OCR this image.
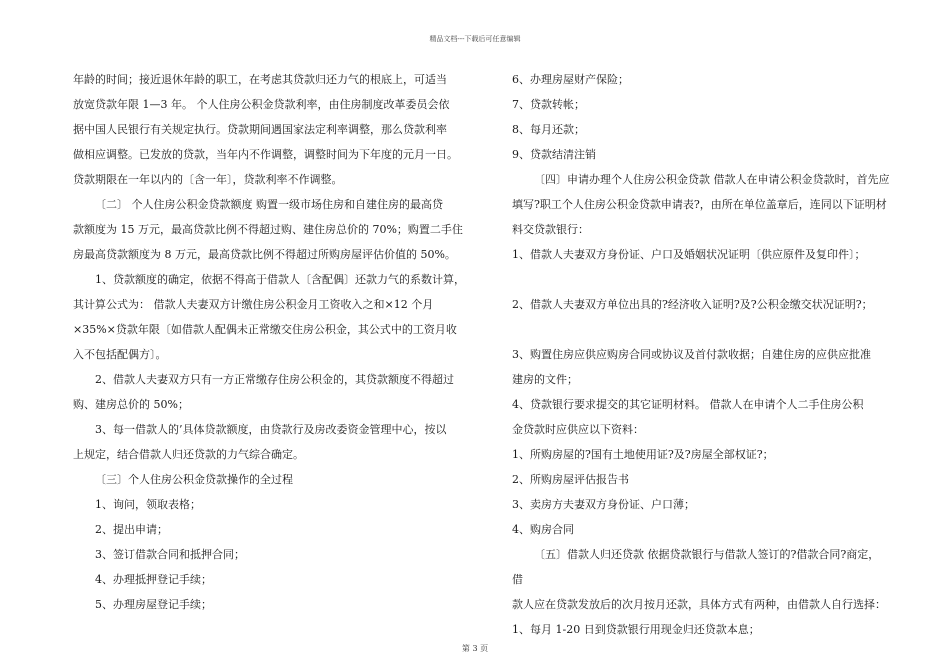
精品文档---下载后可任意编辑

年龄的时间；接近退休年龄的职工，在考虑其贷款归还力气的根底上，可适当

放宽贷款年限 1—3 年。 个人住房公积金贷款利率，由住房制度改革委员会依

据中国人民银行有关规定执行。贷款期间遇国家法定利率调整，那么贷款利率

做相应调整。已发放的贷款，当年内不作调整，调整时间为下年度的元月一日。

贷款期限在一年以内的〔含一年〕，贷款利率不作调整。

〔二〕 个人住房公积金贷款额度 购置一级市场住房和自建住房的最高贷

款额度为 15 万元，最高贷款比例不得超过购、建住房总价的 70%；购置二手住

房最高贷款额度为 8 万元，最高贷款比例不得超过所购房屋评估价值的 50%。

1、贷款额度的确定，依据不得高于借款人〔含配偶〕还款力气的系数计算，

其计算公式为： 借款人夫妻双方计缴住房公积金月工资收入之和×12 个月

×35%×贷款年限〔如借款人配偶未正常缴交住房公积金，其公式中的工资月收

入不包括配偶方〕。

2、借款人夫妻双方只有一方正常缴存住房公积金的，其贷款额度不得超过

购、建房总价的 50%；

3、每一借款人的’具体贷款额度，由贷款行及房改委资金管理中心，按以

上规定，结合借款人归还贷款的力气综合确定。

〔三〕个人住房公积金贷款操作的全过程

1、询问，领取表格；

2、提出申请；

3、签订借款合同和抵押合同；

4、办理抵押登记手续；

5、办理房屋登记手续；

6、办理房屋财产保险；

7、贷款转帐；

8、每月还款；

9、贷款结清注销

〔四〕申请办理个人住房公积金贷款 借款人在申请公积金贷款时，首先应

填写?职工个人住房公积金贷款申请表?，由所在单位盖章后，连同以下证明材

料交贷款银行：

1、借款人夫妻双方身份证、户口及婚姻状况证明〔供应原件及复印件〕；

2、借款人夫妻双方单位出具的?经济收入证明?及?公积金缴交状况证明?；

3、购置住房应供应购房合同或协议及首付款收据；自建住房的应供应批准

建房的文件；

4、贷款银行要求提交的其它证明材料。 借款人在申请个人二手住房公积

金贷款时应供应以下资料：

1、所购房屋的?国有土地使用证?及?房屋全部权证?；

2、所购房屋评估报告书

3、卖房方夫妻双方身份证、户口薄；

4、购房合同

〔五〕借款人归还贷款 依据贷款银行与借款人签订的?借款合同?商定，借

款人应在贷款发放后的次月按月还款，具体方式有两种，由借款人自行选择：

1、每月 1-20 日到贷款银行用现金归还贷款本息；

第 3 页
